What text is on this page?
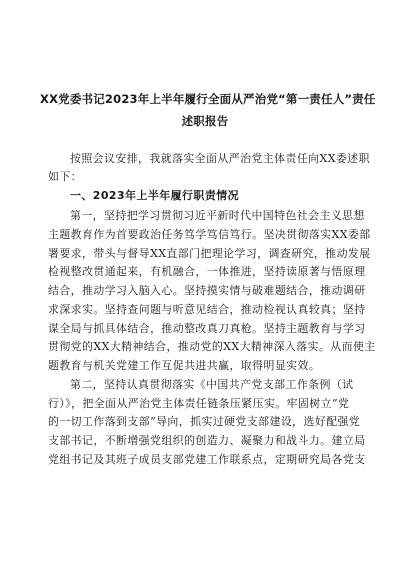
XX党委书记2023年上半年履行全面从严治党“第一责任人”责任
述职报告
按照会议安排，我就落实全面从严治党主体责任向XX委述职
如下：
一、2023年上半年履行职责情况
第一，坚持把学习贯彻习近平新时代中国特色社会主义思想
主题教育作为首要政治任务笃学笃信笃行。坚决贯彻落实XX委部
署要求，带头与督导XX直部门把理论学习，调查研究，推动发展
检视整改贯通起来，有机融合，一体推进，坚持读原著与悟原理
结合，推动学习入脑入心。坚持摸实情与破难题结合，推动调研
求深求实。坚持查问题与听意见结合，推动检视认真较真；坚持
谋全局与抓具体结合，推动整改真刀真枪。坚持主题教育与学习
贯彻党的XX大精神结合，推动党的XX大精神深入落实。从而使主
题教育与机关党建工作互促共进共赢，取得明显实效。
第二，坚持认真贯彻落实《中国共产党支部工作条例（试
行）》，把全面从严治党主体责任链条压紧压实。牢固树立“党
的一切工作落到支部”导向，抓实过硬党支部建设，选好配强党
支部书记，不断增强党组织的创造力、凝聚力和战斗力。建立局
党组书记及其班子成员支部党建工作联系点，定期研究局各党支
